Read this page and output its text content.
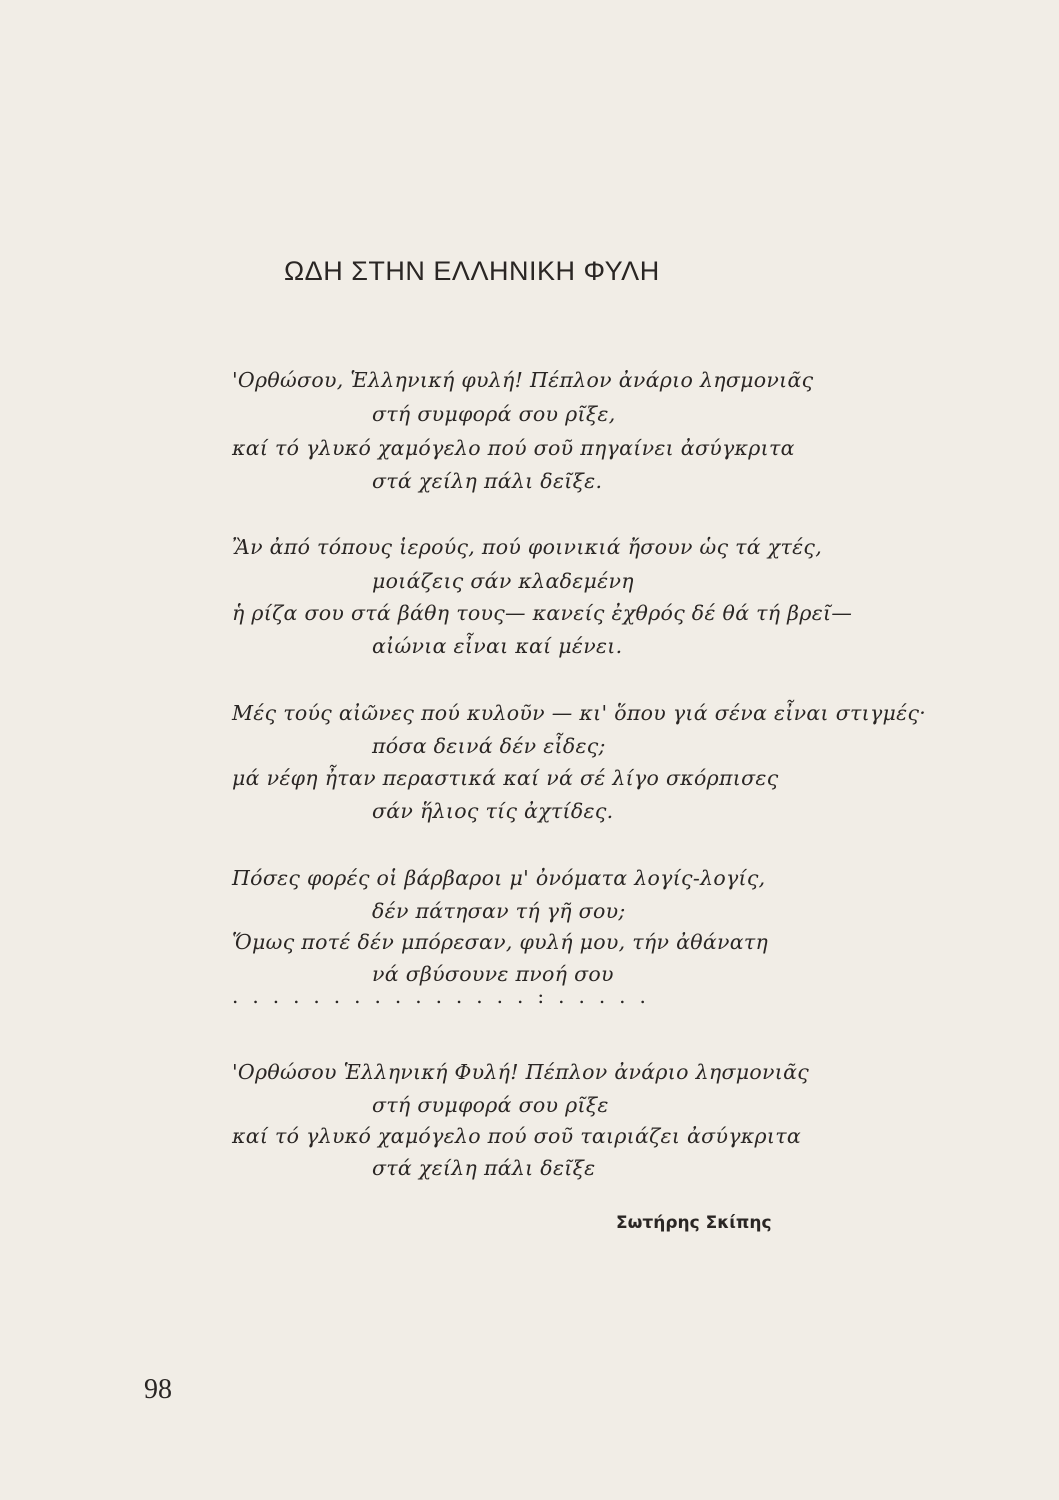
ΩΔΗ ΣΤΗΝ ΕΛΛΗΝΙΚΗ ΦΥΛΗ
'Ορθώσου, Ἑλληνική φυλή! Πέπλον ἀνάριο λησμονιᾶς
στή συμφορά σου ρῖξε,
καί τό γλυκό χαμόγελο πού σοῦ πηγαίνει ἀσύγκριτα
στά χείλη πάλι δεῖξε.
Ἂν ἀπό τόπους ἱερούς, πού φοινικιά ἤσουν ὡς τά χτές,
μοιάζεις σάν κλαδεμένη
ἡ ρίζα σου στά βάθη τους— κανείς ἐχθρός δέ θά τή βρεῖ—
αἰώνια εἶναι καί μένει.
Μές τούς αἰῶνες πού κυλοῦν — κι' ὅπου γιά σένα εἶναι στιγμές·
πόσα δεινά δέν εἶδες;
μά νέφη ἦταν περαστικά καί νά σέ λίγο σκόρπισες
σάν ἥλιος τίς ἀχτίδες.
Πόσες φορές οἱ βάρβαροι μ' ὀνόματα λογίς-λογίς,
δέν πάτησαν τή γῆ σου;
Ὅμως ποτέ δέν μπόρεσαν, φυλή μου, τήν ἀθάνατη
νά σβύσουνε πνοή σου
...............:.....
'Ορθώσου Ἑλληνική Φυλή! Πέπλον ἀνάριο λησμονιᾶς
στή συμφορά σου ρῖξε
καί τό γλυκό χαμόγελο πού σοῦ ταιριάζει ἀσύγκριτα
στά χείλη πάλι δεῖξε
Σωτήρης Σκίπης
98
